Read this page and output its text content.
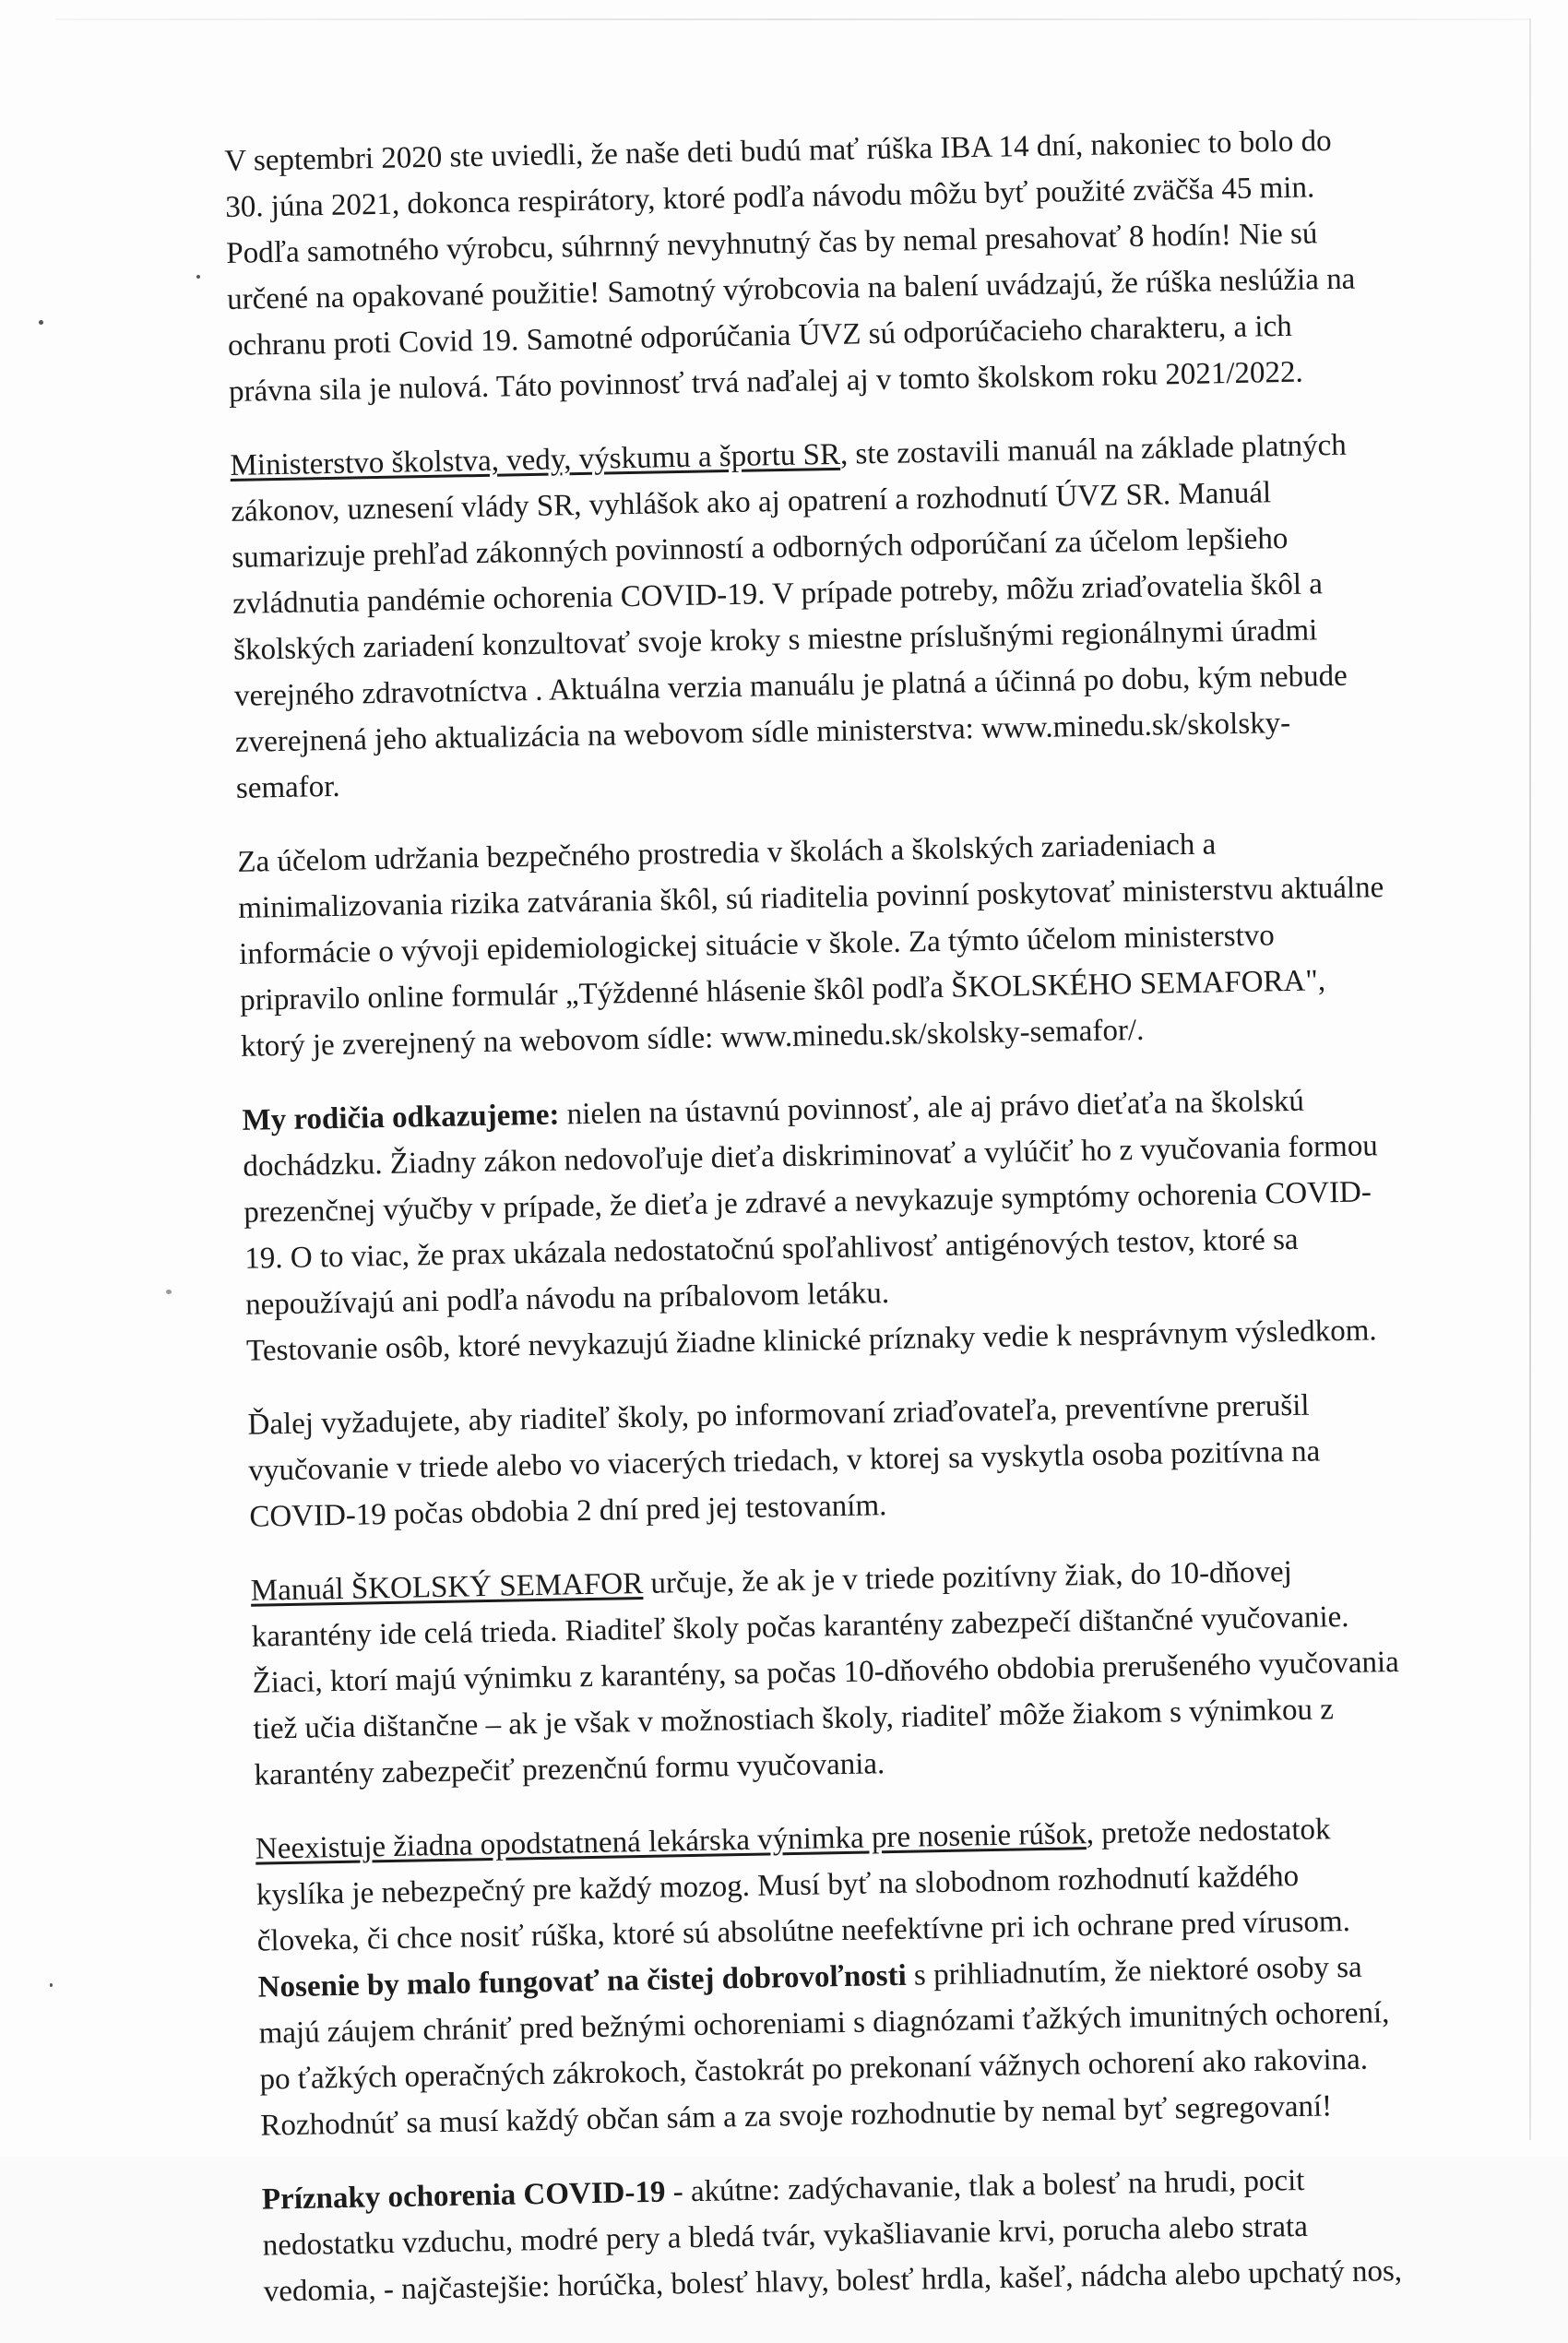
V septembri 2020 ste uviedli, že naše deti budú mať rúška IBA 14 dní, nakoniec to bolo do
30. júna 2021, dokonca respirátory, ktoré podľa návodu môžu byť použité zväčša 45 min.
Podľa samotného výrobcu, súhrnný nevyhnutný čas by nemal presahovať 8 hodín! Nie sú
určené na opakované použitie! Samotný výrobcovia na balení uvádzajú, že rúška neslúžia na
ochranu proti Covid 19. Samotné odporúčania ÚVZ sú odporúčacieho charakteru, a ich
právna sila je nulová. Táto povinnosť trvá naďalej aj v tomto školskom roku 2021/2022.
Ministerstvo školstva, vedy, výskumu a športu SR, ste zostavili manuál na základe platných
zákonov, uznesení vlády SR, vyhlášok ako aj opatrení a rozhodnutí ÚVZ SR. Manuál
sumarizuje prehľad zákonných povinností a odborných odporúčaní za účelom lepšieho
zvládnutia pandémie ochorenia COVID-19. V prípade potreby, môžu zriaďovatelia škôl a
školských zariadení konzultovať svoje kroky s miestne príslušnými regionálnymi úradmi
verejného zdravotníctva . Aktuálna verzia manuálu je platná a účinná po dobu, kým nebude
zverejnená jeho aktualizácia na webovom sídle ministerstva: www.minedu.sk/skolsky-
semafor.
Za účelom udržania bezpečného prostredia v školách a školských zariadeniach a
minimalizovania rizika zatvárania škôl, sú riaditelia povinní poskytovať ministerstvu aktuálne
informácie o vývoji epidemiologickej situácie v škole. Za týmto účelom ministerstvo
pripravilo online formulár „Týždenné hlásenie škôl podľa ŠKOLSKÉHO SEMAFORA",
ktorý je zverejnený na webovom sídle: www.minedu.sk/skolsky-semafor/.
My rodičia odkazujeme: nielen na ústavnú povinnosť, ale aj právo dieťaťa na školskú
dochádzku. Žiadny zákon nedovoľuje dieťa diskriminovať a vylúčiť ho z vyučovania formou
prezenčnej výučby v prípade, že dieťa je zdravé a nevykazuje symptómy ochorenia COVID-
19. O to viac, že prax ukázala nedostatočnú spoľahlivosť antigénových testov, ktoré sa
nepoužívajú ani podľa návodu na príbalovom letáku.
Testovanie osôb, ktoré nevykazujú žiadne klinické príznaky vedie k nesprávnym výsledkom.
Ďalej vyžadujete, aby riaditeľ školy, po informovaní zriaďovateľa, preventívne prerušil
vyučovanie v triede alebo vo viacerých triedach, v ktorej sa vyskytla osoba pozitívna na
COVID-19 počas obdobia 2 dní pred jej testovaním.
Manuál ŠKOLSKÝ SEMAFOR určuje, že ak je v triede pozitívny žiak, do 10-dňovej
karantény ide celá trieda. Riaditeľ školy počas karantény zabezpečí dištančné vyučovanie.
Žiaci, ktorí majú výnimku z karantény, sa počas 10-dňového obdobia prerušeného vyučovania
tiež učia dištančne – ak je však v možnostiach školy, riaditeľ môže žiakom s výnimkou z
karantény zabezpečiť prezenčnú formu vyučovania.
Neexistuje žiadna opodstatnená lekárska výnimka pre nosenie rúšok, pretože nedostatok
kyslíka je nebezpečný pre každý mozog. Musí byť na slobodnom rozhodnutí každého
človeka, či chce nosiť rúška, ktoré sú absolútne neefektívne pri ich ochrane pred vírusom.
Nosenie by malo fungovať na čistej dobrovoľnosti s prihliadnutím, že niektoré osoby sa
majú záujem chrániť pred bežnými ochoreniami s diagnózami ťažkých imunitných ochorení,
po ťažkých operačných zákrokoch, častokrát po prekonaní vážnych ochorení ako rakovina.
Rozhodnúť sa musí každý občan sám a za svoje rozhodnutie by nemal byť segregovaní!
Príznaky ochorenia COVID-19 - akútne: zadýchavanie, tlak a bolesť na hrudi, pocit
nedostatku vzduchu, modré pery a bledá tvár, vykašliavanie krvi, porucha alebo strata
vedomia, - najčastejšie: horúčka, bolesť hlavy, bolesť hrdla, kašeľ, nádcha alebo upchatý nos,
